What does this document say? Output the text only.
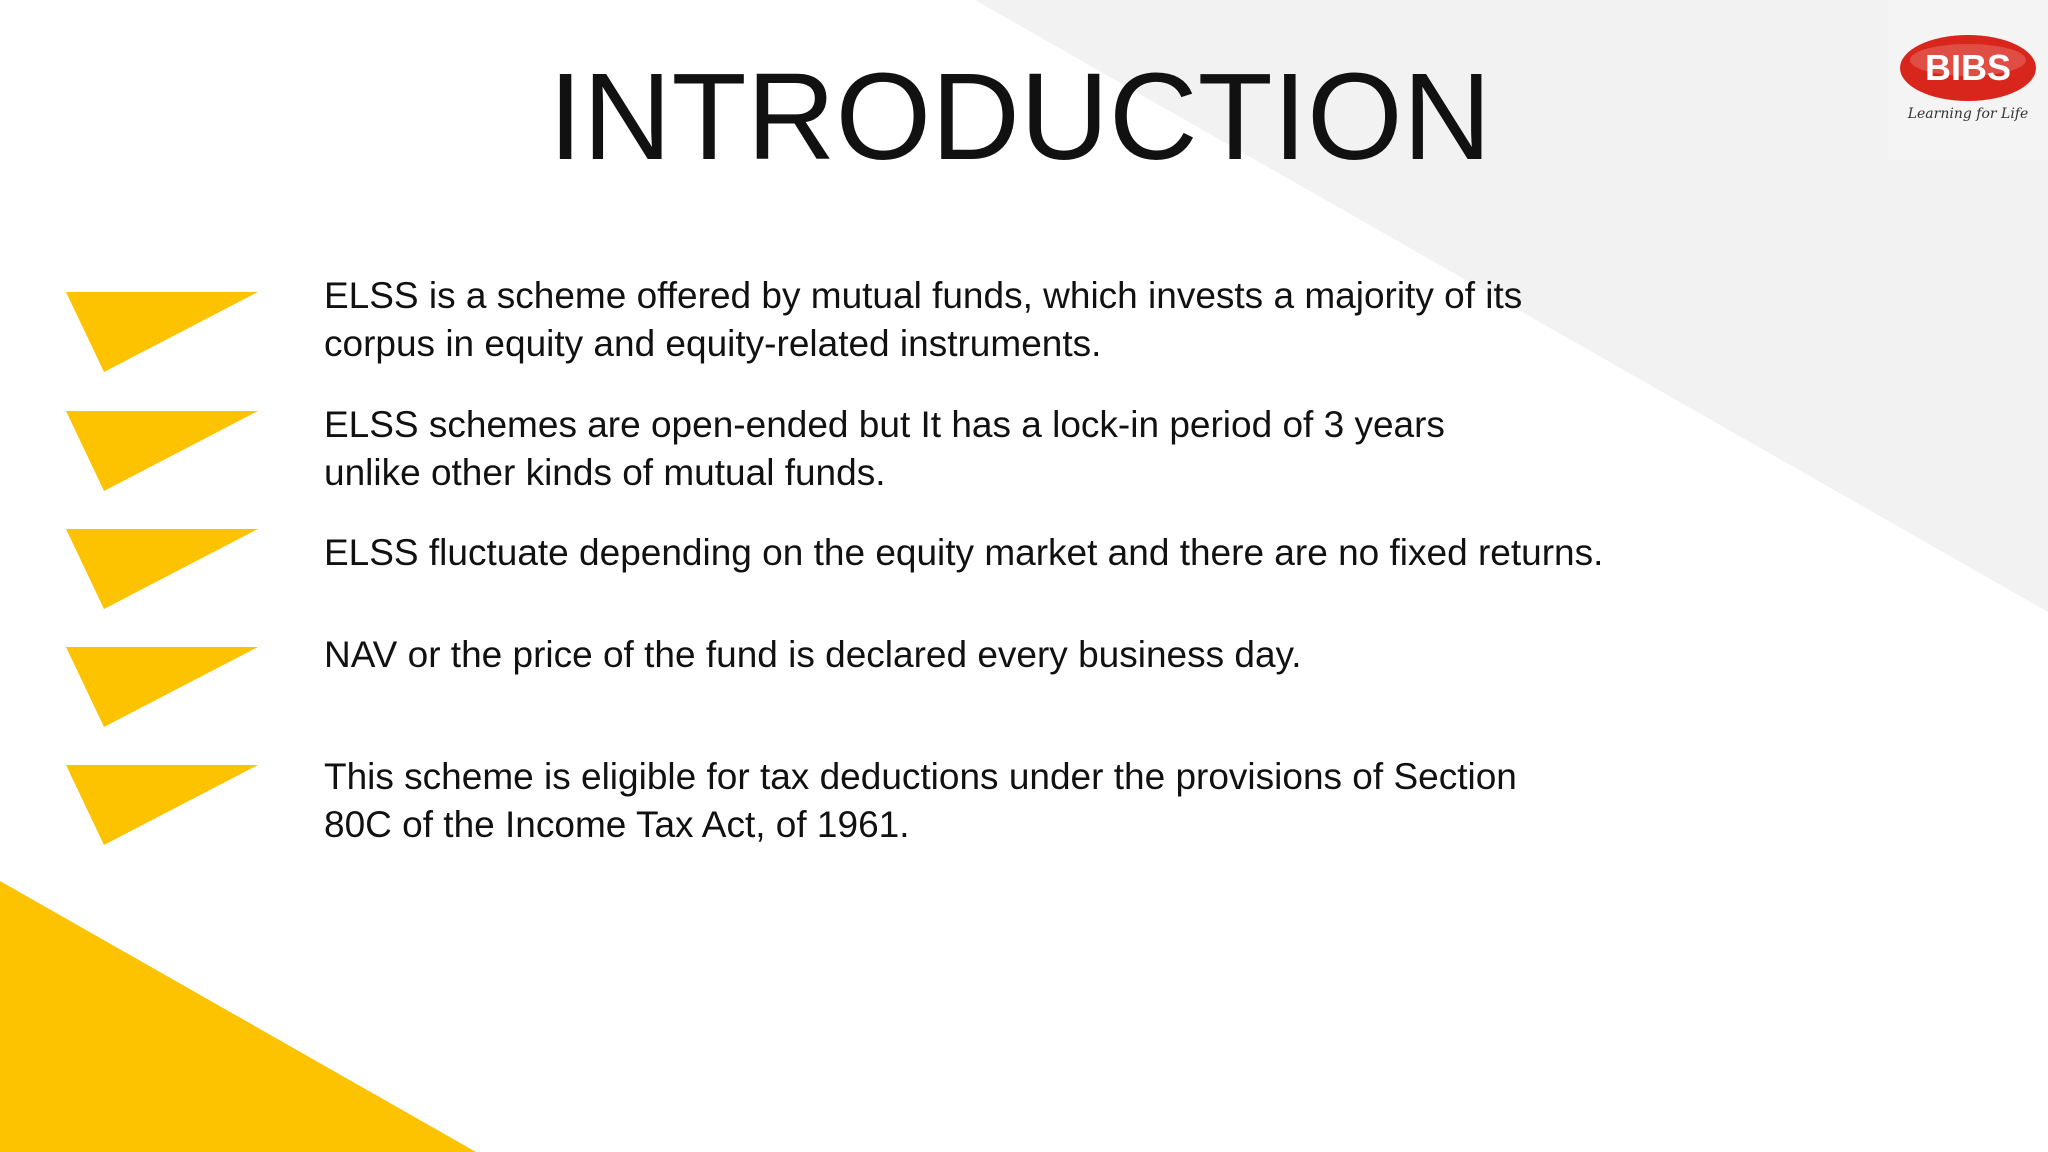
INTRODUCTION	BIBS
Learning for Life
ELSS is a scheme offered by mutual funds, which invests a majority of its
corpus in equity and equity-related instruments.
ELSS schemes are open-ended but It has a lock-in period of 3 years
unlike other kinds of mutual funds.
ELSS fluctuate depending on the equity market and there are no fixed returns.
NAV or the price of the fund is declared every business day.
This scheme is eligible for tax deductions under the provisions of Section
80C of the Income Tax Act, of 1961.
